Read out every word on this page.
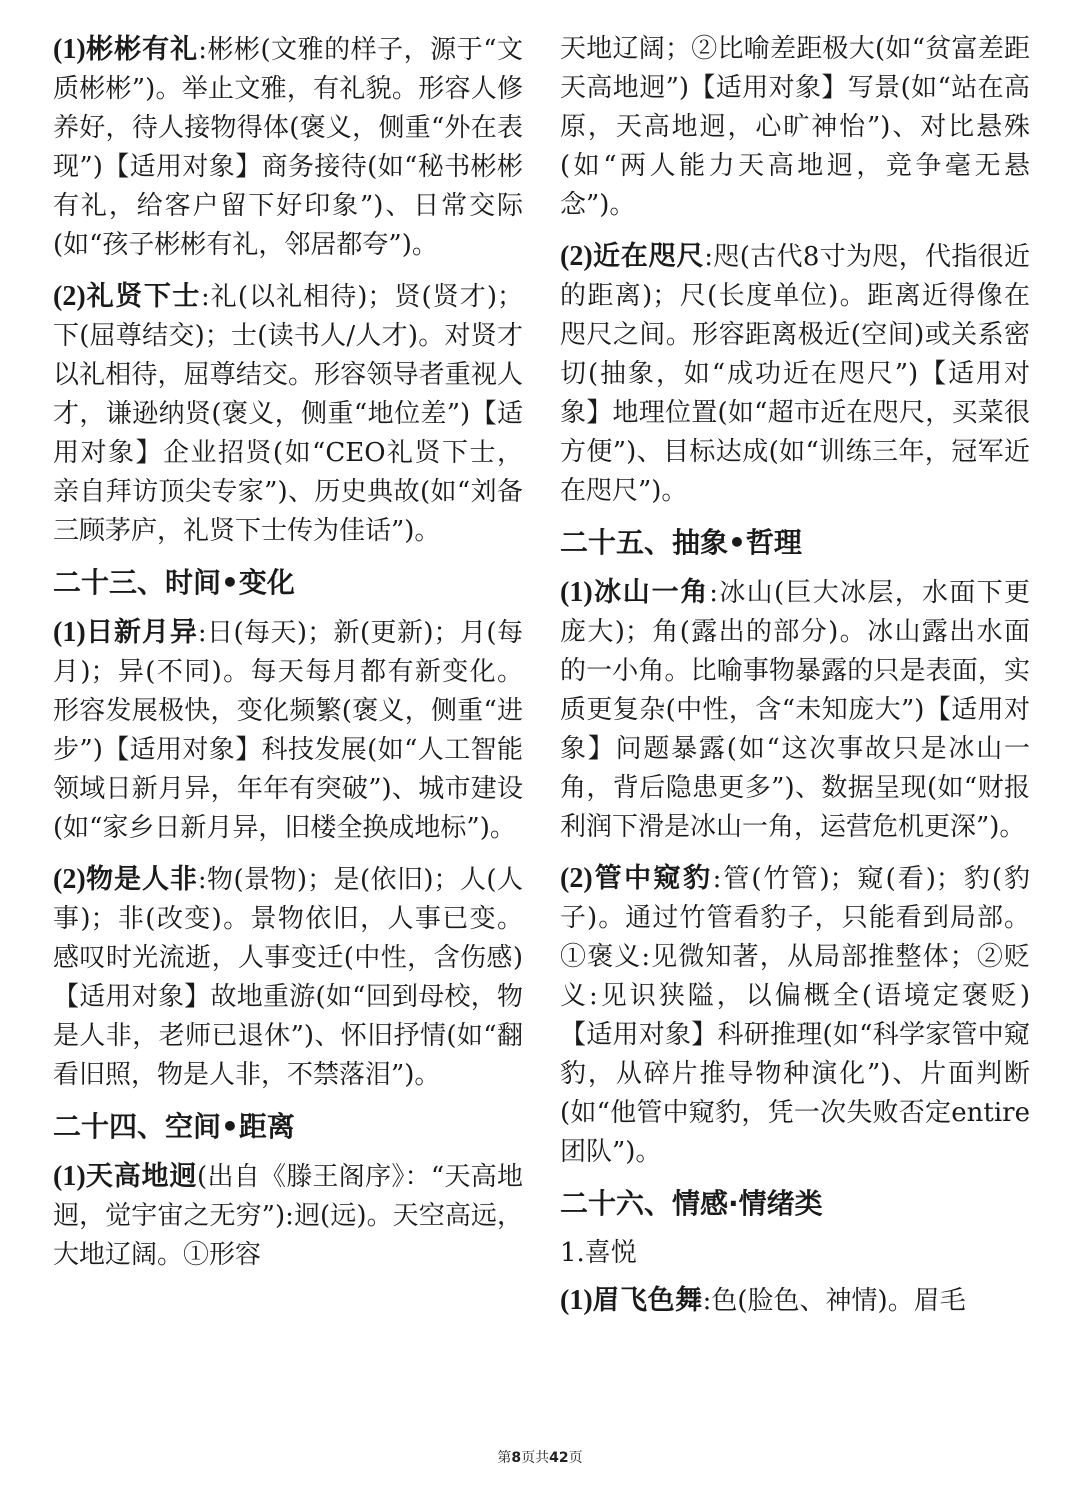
(1)彬彬有礼:彬彬(文雅的样子，源于“文质彬彬”)。举止文雅，有礼貌。形容人修养好，待人接物得体(褒义，侧重“外在表现”)【适用对象】商务接待(如“秘书彬彬有礼，给客户留下好印象”)、日常交际(如“孩子彬彬有礼，邻居都夸”)。

(2)礼贤下士:礼(以礼相待)；贤(贤才)；下(屈尊结交)；士(读书人/人才)。对贤才以礼相待，屈尊结交。形容领导者重视人才，谦逊纳贤(褒义，侧重“地位差”)【适用对象】企业招贤(如“CEO礼贤下士，亲自拜访顶尖专家”)、历史典故(如“刘备三顾茅庐，礼贤下士传为佳话”)。

二十三、时间•变化

(1)日新月异:日(每天)；新(更新)；月(每月)；异(不同)。每天每月都有新变化。形容发展极快，变化频繁(褒义，侧重“进步”)【适用对象】科技发展(如“人工智能领域日新月异，年年有突破”)、城市建设(如“家乡日新月异，旧楼全换成地标”)。

(2)物是人非:物(景物)；是(依旧)；人(人事)；非(改变)。景物依旧，人事已变。感叹时光流逝，人事变迁(中性，含伤感)【适用对象】故地重游(如“回到母校，物是人非，老师已退休”)、怀旧抒情(如“翻看旧照，物是人非，不禁落泪”)。

二十四、空间•距离

(1)天高地迥(出自《滕王阁序》：“天高地迥，觉宇宙之无穷”):迥(远)。天空高远，大地辽阔。①形容

天地辽阔；②比喻差距极大(如“贫富差距天高地迥”)【适用对象】写景(如“站在高原，天高地迥，心旷神怡”)、对比悬殊(如“两人能力天高地迥，竞争毫无悬念”)。

(2)近在咫尺:咫(古代8寸为咫，代指很近的距离)；尺(长度单位)。距离近得像在咫尺之间。形容距离极近(空间)或关系密切(抽象，如“成功近在咫尺”)【适用对象】地理位置(如“超市近在咫尺，买菜很方便”)、目标达成(如“训练三年，冠军近在咫尺”)。

二十五、抽象•哲理

(1)冰山一角:冰山(巨大冰层，水面下更庞大)；角(露出的部分)。冰山露出水面的一小角。比喻事物暴露的只是表面，实质更复杂(中性，含“未知庞大”)【适用对象】问题暴露(如“这次事故只是冰山一角，背后隐患更多”)、数据呈现(如“财报利润下滑是冰山一角，运营危机更深”)。

(2)管中窥豹:管(竹管)；窥(看)；豹(豹子)。通过竹管看豹子，只能看到局部。①褒义:见微知著，从局部推整体；②贬义:见识狭隘，以偏概全(语境定褒贬)【适用对象】科研推理(如“科学家管中窥豹，从碎片推导物种演化”)、片面判断(如“他管中窥豹，凭一次失败否定entire团队”)。

二十六、情感·情绪类
1.喜悦

(1)眉飞色舞:色(脸色、神情)。眉毛

第8页共42页
